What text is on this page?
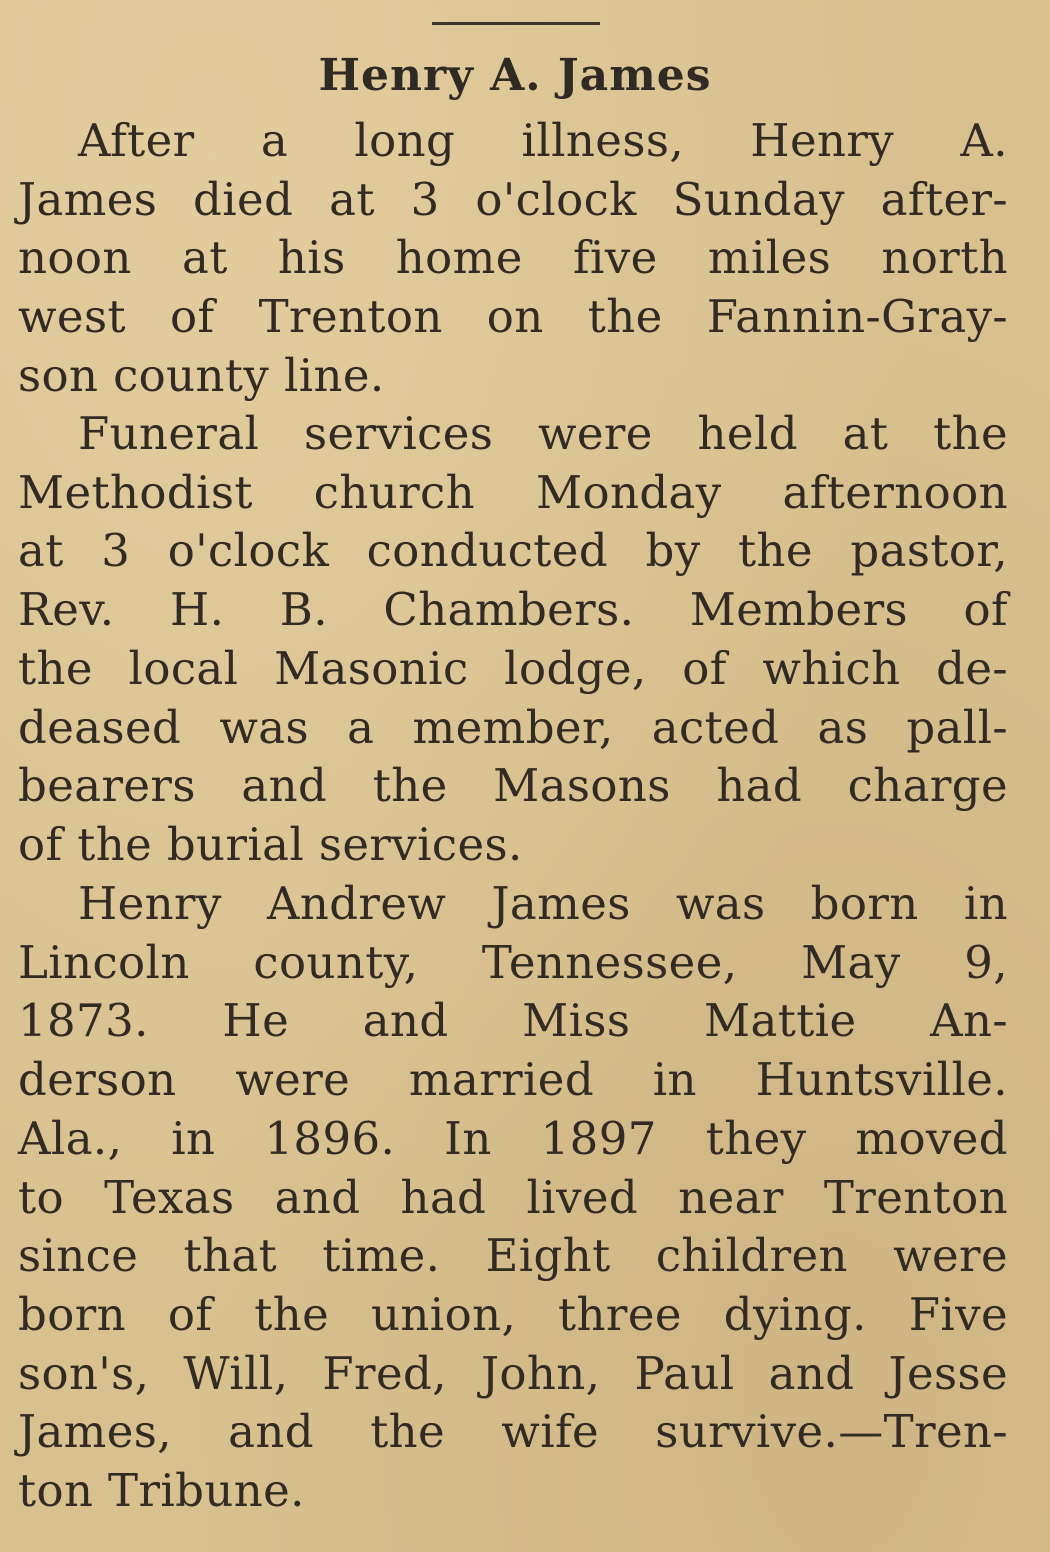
Henry A. James

After a long illness, Henry A.
James died at 3 o'clock Sunday after-
noon at his home five miles north
west of Trenton on the Fannin-Gray-
son county line.

Funeral services were held at the
Methodist church Monday afternoon
at 3 o'clock conducted by the pastor,
Rev. H. B. Chambers. Members of
the local Masonic lodge, of which de-
deased was a member, acted as pall-
bearers and the Masons had charge
of the burial services.

Henry Andrew James was born in
Lincoln county, Tennessee, May 9,
1873. He and Miss Mattie An-
derson were married in Huntsville.
Ala., in 1896. In 1897 they moved
to Texas and had lived near Trenton
since that time. Eight children were
born of the union, three dying. Five
son's, Will, Fred, John, Paul and Jesse
James, and the wife survive.—Tren-
ton Tribune.
